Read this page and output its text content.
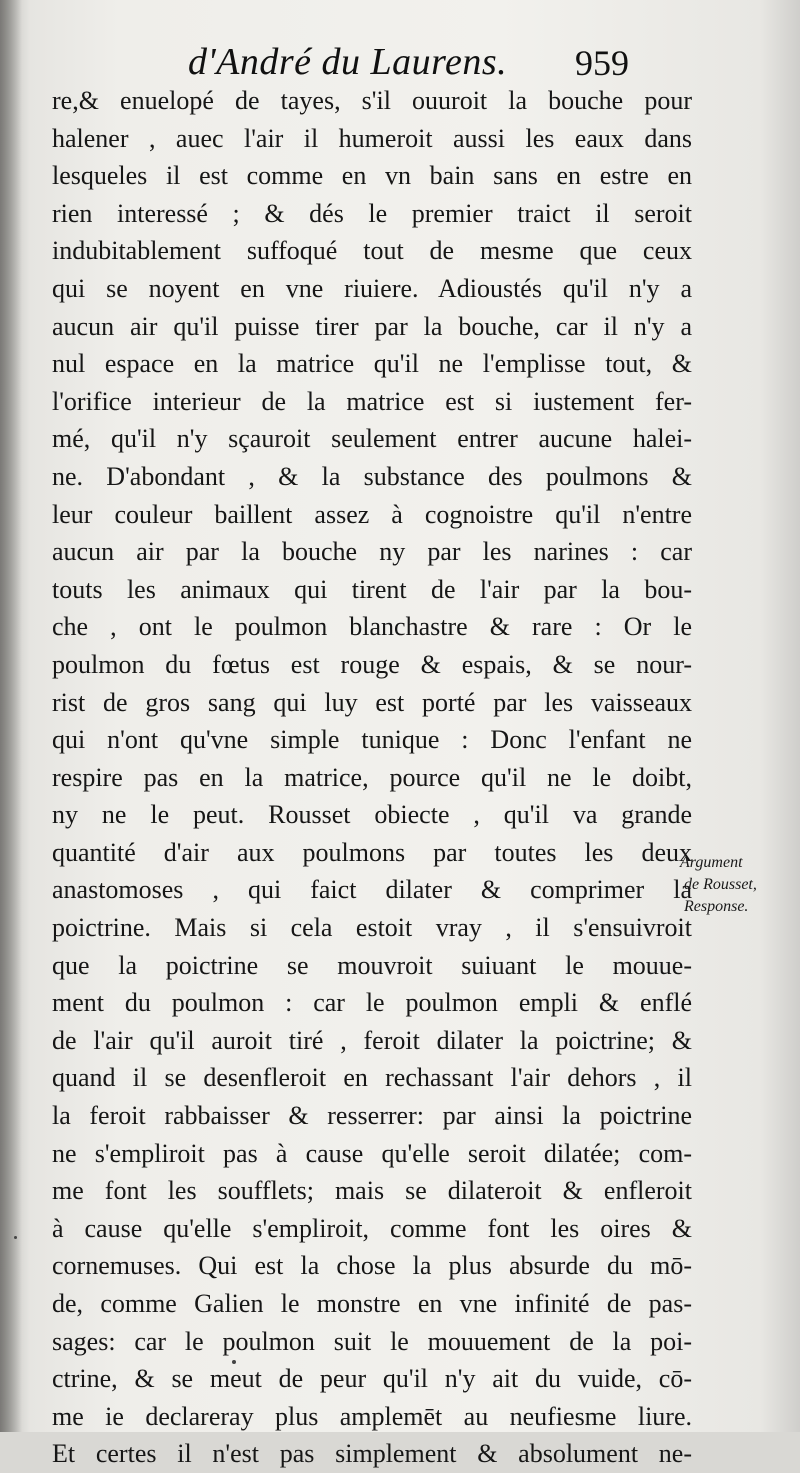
d'André du Laurens. 959
re,& enuelopé de tayes, s'il ouuroit la bouche pour
halener , auec l'air il humeroit aussi les eaux dans
lesqueles il est comme en vn bain sans en estre en
rien interessé ; & dés le premier traict il seroit
indubitablement suffoqué tout de mesme que ceux
qui se noyent en vne riuiere. Adioustés qu'il n'y a
aucun air qu'il puisse tirer par la bouche, car il n'y a
nul espace en la matrice qu'il ne l'emplisse tout, &
l'orifice interieur de la matrice est si iustement fer-
mé, qu'il n'y sçauroit seulement entrer aucune halei-
ne. D'abondant , & la substance des poulmons &
leur couleur baillent assez à cognoistre qu'il n'entre
aucun air par la bouche ny par les narines : car
touts les animaux qui tirent de l'air par la bou-
che , ont le poulmon blanchastre & rare : Or le
poulmon du fœtus est rouge & espais, & se nour-
rist de gros sang qui luy est porté par les vaisseaux
qui n'ont qu'vne simple tunique : Donc l'enfant ne
respire pas en la matrice, pource qu'il ne le doibt,
ny ne le peut. Rousset obiecte , qu'il va grande
quantité d'air aux poulmons par toutes les deux
anastomoses , qui faict dilater & comprimer la
poictrine. Mais si cela estoit vray , il s'ensuivroit
que la poictrine se mouvroit suiuant le mouue-
ment du poulmon : car le poulmon empli & enflé
de l'air qu'il auroit tiré , feroit dilater la poictrine; &
quand il se desenfleroit en rechassant l'air dehors , il
la feroit rabbaisser & resserrer: par ainsi la poictrine
ne s'empliroit pas à cause qu'elle seroit dilatée; com-
me font les soufflets; mais se dilateroit & enfleroit
à cause qu'elle s'empliroit, comme font les oires &
cornemuses. Qui est la chose la plus absurde du mō-
de, comme Galien le monstre en vne infinité de pas-
sages: car le poulmon suit le mouuement de la poi-
ctrine, & se meut de peur qu'il n'y ait du vuide, cō-
me ie declareray plus amplemēt au neufiesme liure.
Et certes il n'est pas simplement & absolument ne-
Argument
de Rousset,
Response.
